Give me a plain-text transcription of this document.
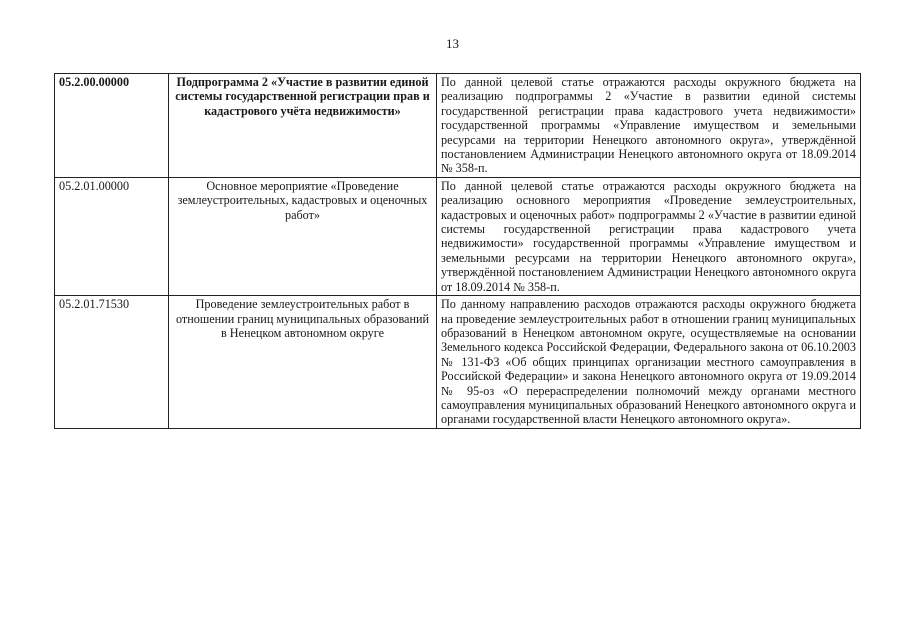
13
05.2.00.00000	Подпрограмма 2 «Участие в развитии единой системы государственной регистрации прав и кадастрового учёта недвижимости»	По данной целевой статье отражаются расходы окружного бюджета на реализацию подпрограммы 2 «Участие в развитии единой системы государственной регистрации права кадастрового учета недвижимости» государственной программы «Управление имуществом и земельными ресурсами на территории Ненецкого автономного округа», утверждённой постановлением Администрации Ненецкого автономного округа от 18.09.2014 № 358-п.
05.2.01.00000	Основное мероприятие «Проведение землеустроительных, кадастровых и оценочных работ»	По данной целевой статье отражаются расходы окружного бюджета на реализацию основного мероприятия «Проведение землеустроительных, кадастровых и оценочных работ» подпрограммы 2 «Участие в развитии единой системы государственной регистрации права кадастрового учета недвижимости» государственной программы «Управление имуществом и земельными ресурсами на территории Ненецкого автономного округа», утверждённой постановлением Администрации Ненецкого автономного округа от 18.09.2014 № 358-п.
05.2.01.71530	Проведение землеустроительных работ в отношении границ муниципальных образований в Ненецком автономном округе	По данному направлению расходов отражаются расходы окружного бюджета на проведение землеустроительных работ в отношении границ муниципальных образований в Ненецком автономном округе, осуществляемые на основании Земельного кодекса Российской Федерации, Федерального закона от 06.10.2003 № 131-ФЗ «Об общих принципах организации местного самоуправления в Российской Федерации» и закона Ненецкого автономного округа от 19.09.2014 № 95-оз «О перераспределении полномочий между органами местного самоуправления муниципальных образований Ненецкого автономного округа и органами государственной власти Ненецкого автономного округа».
